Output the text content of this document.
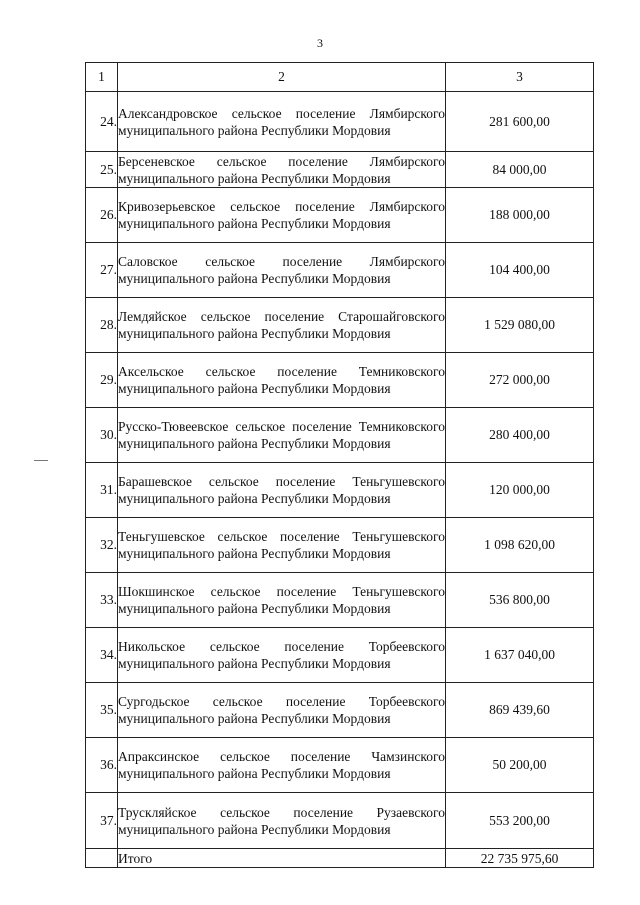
3
1	2	3
24.	Александровское сельское поселение Лямбирского муниципального района Республики Мордовия	281 600,00
25.	Берсеневское сельское поселение Лямбирского муниципального района Республики Мордовия	84 000,00
26.	Кривозерьевское сельское поселение Лямбирского муниципального района Республики Мордовия	188 000,00
27.	Саловское сельское поселение Лямбирского муниципального района Республики Мордовия	104 400,00
28.	Лемдяйское сельское поселение Старошайговского муниципального района Республики Мордовия	1 529 080,00
29.	Аксельское сельское поселение Темниковского муниципального района Республики Мордовия	272 000,00
30.	Русско-Тювеевское сельское поселение Темниковского муниципального района Республики Мордовия	280 400,00
31.	Барашевское сельское поселение Теньгушевского муниципального района Республики Мордовия	120 000,00
32.	Теньгушевское сельское поселение Теньгушевского муниципального района Республики Мордовия	1 098 620,00
33.	Шокшинское сельское поселение Теньгушевского муниципального района Республики Мордовия	536 800,00
34.	Никольское сельское поселение Торбеевского муниципального района Республики Мордовия	1 637 040,00
35.	Сургодьское сельское поселение Торбеевского муниципального района Республики Мордовия	869 439,60
36.	Апраксинское сельское поселение Чамзинского муниципального района Республики Мордовия	50 200,00
37.	Трускляйское сельское поселение Рузаевского муниципального района Республики Мордовия	553 200,00
	Итого	22 735 975,60
